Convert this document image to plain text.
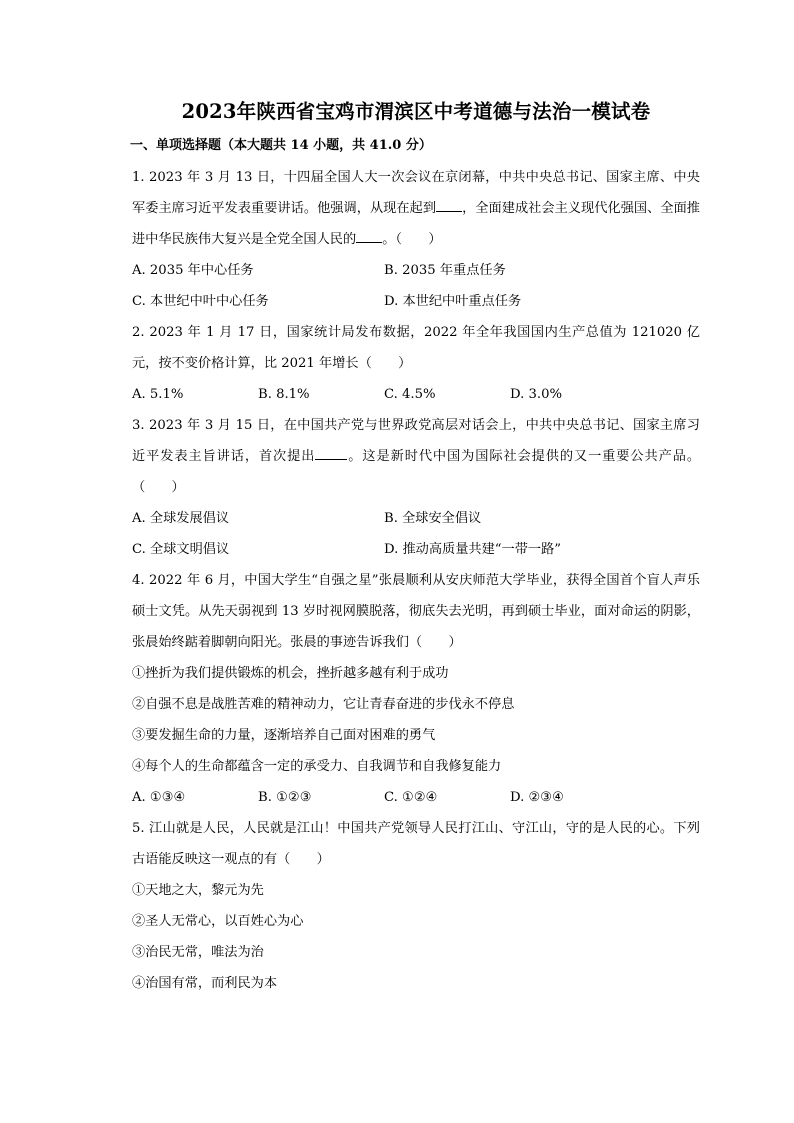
2023年陕西省宝鸡市渭滨区中考道德与法治一模试卷
一、单项选择题（本大题共 14 小题，共 41.0 分）

1. 2023 年 3 月 13 日，十四届全国人大一次会议在京闭幕，中共中央总书记、国家主席、中央军委主席习近平发表重要讲话。他强调，从现在起到 ，全面建成社会主义现代化强国、全面推进中华民族伟大复兴是全党全国人民的 。（　　）

A. 2035 年中心任务	B. 2035 年重点任务
C. 本世纪中叶中心任务	D. 本世纪中叶重点任务

2. 2023 年 1 月 17 日，国家统计局发布数据，2022 年全年我国国内生产总值为 121020 亿元，按不变价格计算，比 2021 年增长（　　）

A. 5.1%	B. 8.1%	C. 4.5%	D. 3.0%

3. 2023 年 3 月 15 日，在中国共产党与世界政党高层对话会上，中共中央总书记、国家主席习近平发表主旨讲话，首次提出 。这是新时代中国为国际社会提供的又一重要公共产品。（　　）

A. 全球发展倡议	B. 全球安全倡议
C. 全球文明倡议	D. 推动高质量共建“一带一路”

4. 2022 年 6 月，中国大学生“自强之星”张晨顺利从安庆师范大学毕业，获得全国首个盲人声乐硕士文凭。从先天弱视到 13 岁时视网膜脱落，彻底失去光明，再到硕士毕业，面对命运的阴影，张晨始终踮着脚朝向阳光。张晨的事迹告诉我们（　　）

①挫折为我们提供锻炼的机会，挫折越多越有利于成功
②自强不息是战胜苦难的精神动力，它让青春奋进的步伐永不停息
③要发掘生命的力量，逐渐培养自己面对困难的勇气
④每个人的生命都蕴含一定的承受力、自我调节和自我修复能力
A. ①③④	B. ①②③	C. ①②④	D. ②③④

5. 江山就是人民，人民就是江山！中国共产党领导人民打江山、守江山，守的是人民的心。下列古语能反映这一观点的有（　　）

①天地之大，黎元为先
②圣人无常心，以百姓心为心
③治民无常，唯法为治
④治国有常，而利民为本
